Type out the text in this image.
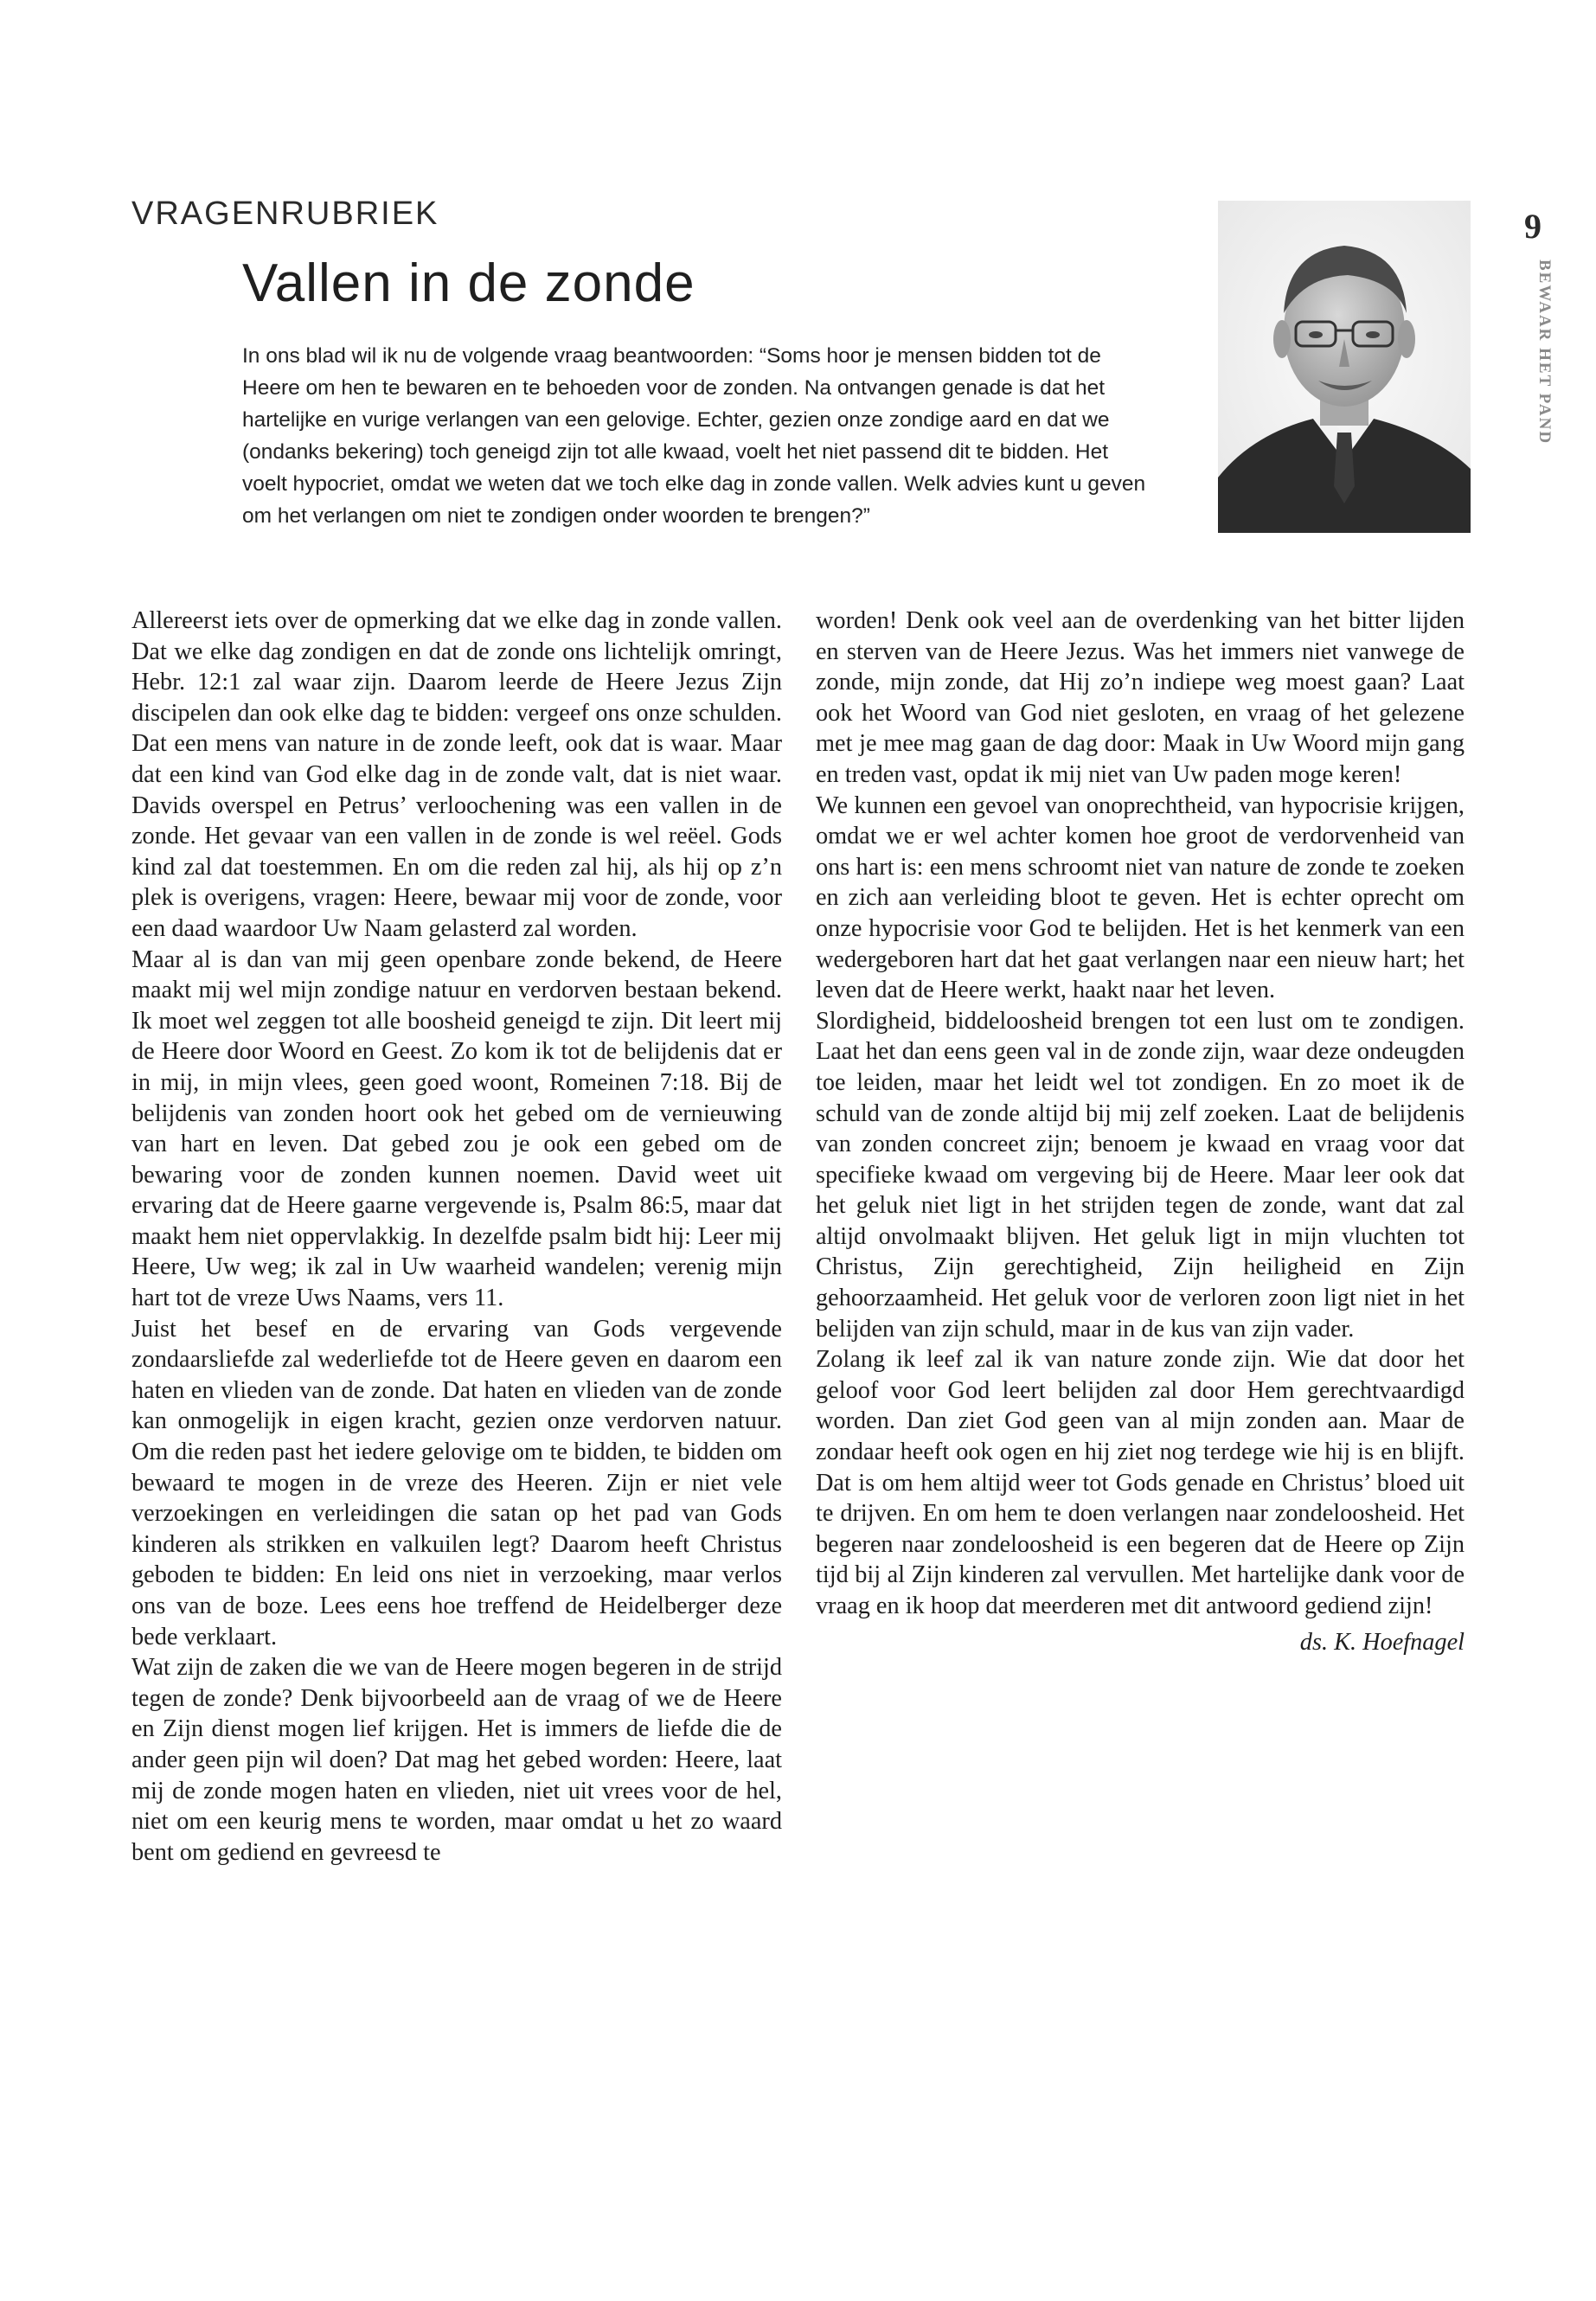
VRAGENRUBRIEK
Vallen in de zonde
In ons blad wil ik nu de volgende vraag beantwoorden: “Soms hoor je mensen bidden tot de
Heere om hen te bewaren en te behoeden voor de zonden. Na ontvangen genade is dat het
hartelijke en vurige verlangen van een gelovige. Echter, gezien onze zondige aard en dat we
(ondanks bekering) toch geneigd zijn tot alle kwaad, voelt het niet passend dit te bidden. Het
voelt hypocriet, omdat we weten dat we toch elke dag in zonde vallen. Welk advies kunt u geven
om het verlangen om niet te zondigen onder woorden te brengen?”
9
BEWAAR HET PAND

Allereerst iets over de opmerking dat we elke dag in zonde vallen. Dat we elke dag zondigen en dat de zonde ons lichtelijk omringt, Hebr. 12:1 zal waar zijn. Daarom leerde de Heere Jezus Zijn discipelen dan ook elke dag te bidden: vergeef ons onze schulden. Dat een mens van nature in de zonde leeft, ook dat is waar. Maar dat een kind van God elke dag in de zonde valt, dat is niet waar. Davids overspel en Petrus’ verloochening was een vallen in de zonde. Het gevaar van een vallen in de zonde is wel reëel. Gods kind zal dat toestemmen. En om die reden zal hij, als hij op z’n plek is overigens, vragen: Heere, bewaar mij voor de zonde, voor een daad waardoor Uw Naam gelasterd zal worden.

Maar al is dan van mij geen openbare zonde bekend, de Heere maakt mij wel mijn zondige natuur en verdorven bestaan bekend. Ik moet wel zeggen tot alle boosheid geneigd te zijn. Dit leert mij de Heere door Woord en Geest. Zo kom ik tot de belijdenis dat er in mij, in mijn vlees, geen goed woont, Romeinen 7:18. Bij de belijdenis van zonden hoort ook het gebed om de vernieuwing van hart en leven. Dat gebed zou je ook een gebed om de bewaring voor de zonden kunnen noemen. David weet uit ervaring dat de Heere gaarne vergevende is, Psalm 86:5, maar dat maakt hem niet oppervlakkig. In dezelfde psalm bidt hij: Leer mij Heere, Uw weg; ik zal in Uw waarheid wandelen; verenig mijn hart tot de vreze Uws Naams, vers 11.

Juist het besef en de ervaring van Gods vergevende zondaarsliefde zal wederliefde tot de Heere geven en daarom een haten en vlieden van de zonde. Dat haten en vlieden van de zonde kan onmogelijk in eigen kracht, gezien onze verdorven natuur. Om die reden past het iedere gelovige om te bidden, te bidden om bewaard te mogen in de vreze des Heeren. Zijn er niet vele verzoekingen en verleidingen die satan op het pad van Gods kinderen als strikken en valkuilen legt? Daarom heeft Christus geboden te bidden: En leid ons niet in verzoeking, maar verlos ons van de boze. Lees eens hoe treffend de Heidelberger deze bede verklaart.

Wat zijn de zaken die we van de Heere mogen begeren in de strijd tegen de zonde? Denk bijvoorbeeld aan de vraag of we de Heere en Zijn dienst mogen lief krijgen. Het is immers de liefde die de ander geen pijn wil doen? Dat mag het gebed worden: Heere, laat mij de zonde mogen haten en vlieden, niet uit vrees voor de hel, niet om een keurig mens te worden, maar omdat u het zo waard bent om gediend en gevreesd te

worden! Denk ook veel aan de overdenking van het bitter lijden en sterven van de Heere Jezus. Was het immers niet vanwege de zonde, mijn zonde, dat Hij zo’n indiepe weg moest gaan? Laat ook het Woord van God niet gesloten, en vraag of het gelezene met je mee mag gaan de dag door: Maak in Uw Woord mijn gang en treden vast, opdat ik mij niet van Uw paden moge keren!

We kunnen een gevoel van onoprechtheid, van hypocrisie krijgen, omdat we er wel achter komen hoe groot de verdorvenheid van ons hart is: een mens schroomt niet van nature de zonde te zoeken en zich aan verleiding bloot te geven. Het is echter oprecht om onze hypocrisie voor God te belijden. Het is het kenmerk van een wedergeboren hart dat het gaat verlangen naar een nieuw hart; het leven dat de Heere werkt, haakt naar het leven.

Slordigheid, biddeloosheid brengen tot een lust om te zondigen. Laat het dan eens geen val in de zonde zijn, waar deze ondeugden toe leiden, maar het leidt wel tot zondigen. En zo moet ik de schuld van de zonde altijd bij mij zelf zoeken. Laat de belijdenis van zonden concreet zijn; benoem je kwaad en vraag voor dat specifieke kwaad om vergeving bij de Heere. Maar leer ook dat het geluk niet ligt in het strijden tegen de zonde, want dat zal altijd onvolmaakt blijven. Het geluk ligt in mijn vluchten tot Christus, Zijn gerechtigheid, Zijn heiligheid en Zijn gehoorzaamheid. Het geluk voor de verloren zoon ligt niet in het belijden van zijn schuld, maar in de kus van zijn vader.

Zolang ik leef zal ik van nature zonde zijn. Wie dat door het geloof voor God leert belijden zal door Hem gerechtvaardigd worden. Dan ziet God geen van al mijn zonden aan. Maar de zondaar heeft ook ogen en hij ziet nog terdege wie hij is en blijft. Dat is om hem altijd weer tot Gods genade en Christus’ bloed uit te drijven. En om hem te doen verlangen naar zondeloosheid. Het begeren naar zondeloosheid is een begeren dat de Heere op Zijn tijd bij al Zijn kinderen zal vervullen. Met hartelijke dank voor de vraag en ik hoop dat meerderen met dit antwoord gediend zijn!

ds. K. Hoefnagel
